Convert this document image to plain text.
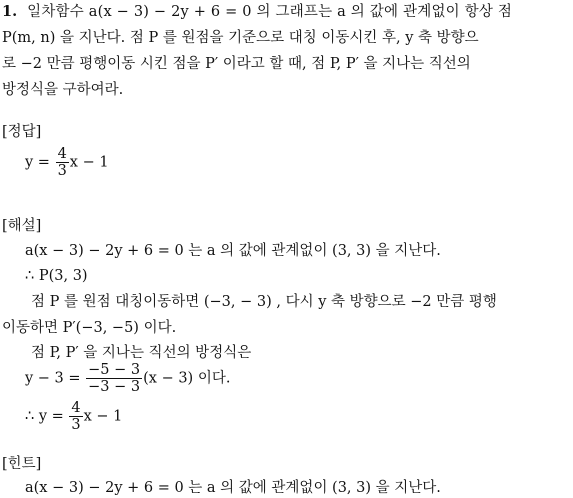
1. 일차함수 a(x − 3) − 2y + 6 = 0 의 그래프는 a 의 값에 관계없이 항상 점
P(m, n) 을 지난다. 점 P 를 원점을 기준으로 대칭 이동시킨 후, y 축 방향으
로 −2 만큼 평행이동 시킨 점을 P′ 이라고 할 때, 점 P, P′ 을 지나는 직선의
방정식을 구하여라.
[정답]
$y = \frac{4}{3}$ x − 1
[해설]
a(x − 3) − 2y + 6 = 0 는 a 의 값에 관계없이 (3, 3) 을 지난다.
∴ P(3, 3)
점 P 를 원점 대칭이동하면 (−3, − 3) , 다시 y 축 방향으로 −2 만큼 평행
이동하면 P′(−3, −5) 이다.
점 P, P′ 을 지나는 직선의 방정식은
$y - 3 = \frac{-5 - 3}{-3 - 3} (x - 3)$ 이다.
∴ $y = \frac{4}{3}$ x − 1
[힌트]
a(x − 3) − 2y + 6 = 0 는 a 의 값에 관계없이 (3, 3) 을 지난다.
